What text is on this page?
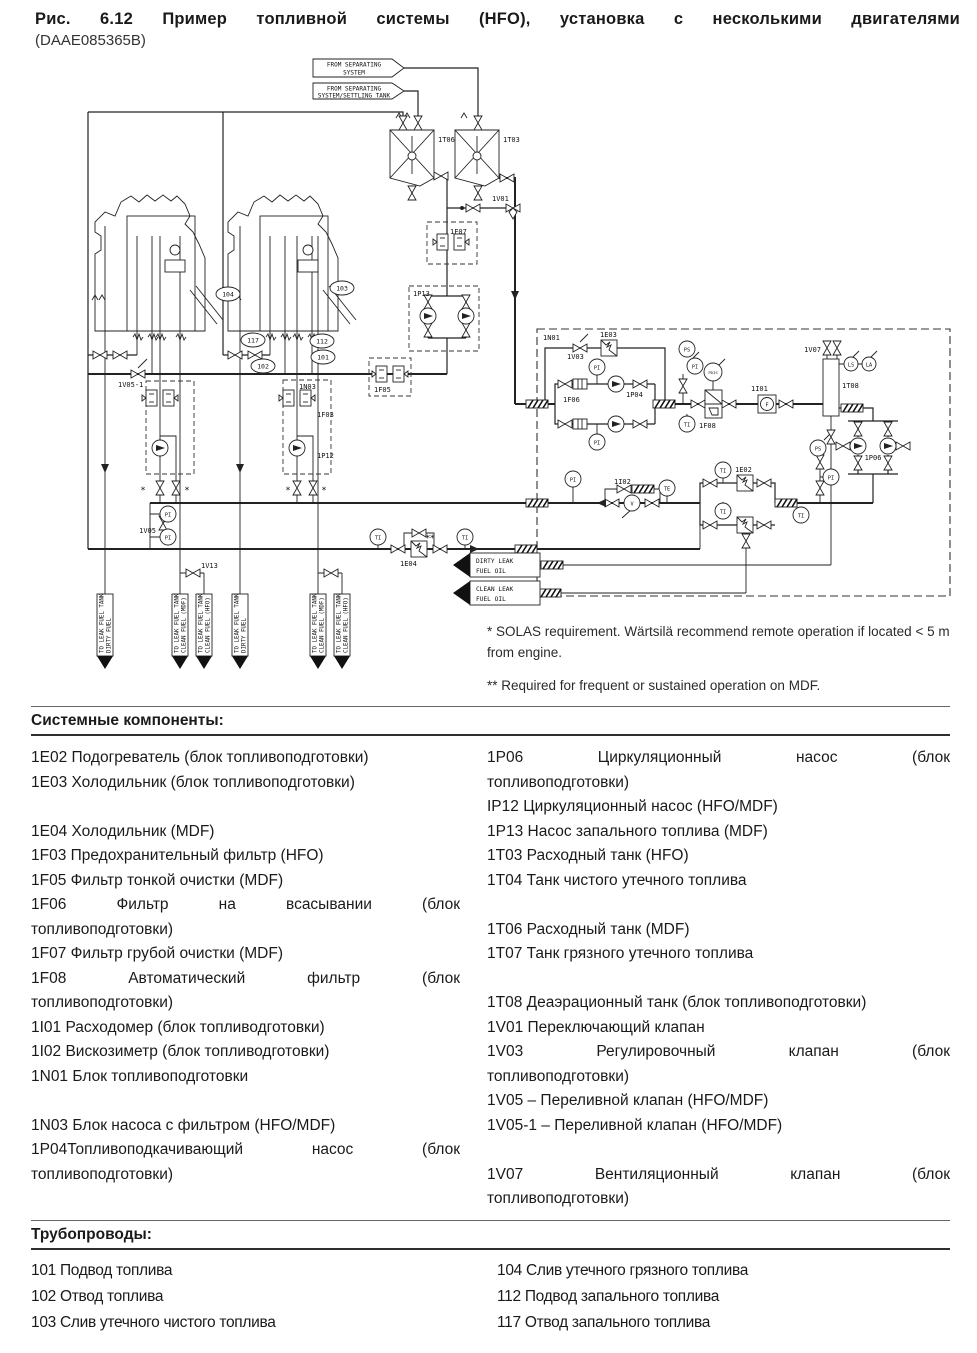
Рис. 6.12 Пример топливной системы (HFO), установка с несколькими двигателями
(DAAE085365B)
PI
PI
PS
PI
PDIS
TI
LS LA
PS
PI
TI
TI
TI
TE
V
PI
F
TI	TI
PI
PI
1T06	1T03
1V01
1F07
1P13
1F05
1V05-1	1N03
1F03
1P12
1V05
1V13	1E04
1N01	1E03
1V03
1F06
1P04
1F08
1I01	1T08
1V07
1P06
1E02
1I02
*	*	*	*
**
104
103
117	112
101
102
FROM SEPARATING
SYSTEM
FROM SEPARATING
SYSTEM/SETTLING TANK
DIRTY LEAK
FUEL OIL
CLEAN LEAK
FUEL OIL
TO LEAK FUEL TANK DIRTY FUEL	TO LEAK FUEL TANK CLEAN FUEL (MDF) TO LEAK FUEL TANK CLEAN FUEL (HFO)	TO LEAK FUEL TANK DIRTY FUEL	TO LEAK FUEL TANK CLEAN FUEL (MDF) TO LEAK FUEL TANK CLEAN FUEL (HFO)	* SOLAS requirement. Wärtsilä recommend remote operation if located < 5 m from engine.
** Required for frequent or sustained operation on MDF.
Системные компоненты:
1E02 Подогреватель (блок топливоподготовки)
1E03 Холодильник (блок топливоподготовки)
1E04 Холодильник (MDF)
1F03 Предохранительный фильтр (HFO)
1F05 Фильтр тонкой очистки (MDF)
1F06 Фильтр на всасывании (блок
топливоподготовки)
1F07 Фильтр грубой очистки (MDF)
1F08 Автоматический фильтр (блок
топливоподготовки)
1I01 Расходомер (блок топливодготовки)
1I02 Вискозиметр (блок топливодготовки)
1N01 Блок топливоподготовки
1N03 Блок насоса с фильтром (HFO/MDF)
1P04Топливоподкачивающий насос (блок
топливоподготовки)
1P06 Циркуляционный насос (блок
топливоподготовки)
IP12 Циркуляционный насос (HFO/MDF)
1P13 Насос запального топлива (MDF)
1T03 Расходный танк (HFO)
1T04 Танк чистого утечного топлива
1T06 Расходный танк (MDF)
1T07 Танк грязного утечного топлива
1T08 Деаэрационный танк (блок топливоподготовки)
1V01 Переключающий клапан
1V03 Регулировочный клапан (блок
топливоподготовки)
1V05 – Переливной клапан (HFO/MDF)
1V05-1 – Переливной клапан (HFO/MDF)
1V07 Вентиляционный клапан (блок
топливоподготовки)
Трубопроводы:
101 Подвод топлива
102 Отвод топлива
103 Слив утечного чистого топлива
104 Слив утечного грязного топлива
112 Подвод запального топлива
117 Отвод запального топлива
